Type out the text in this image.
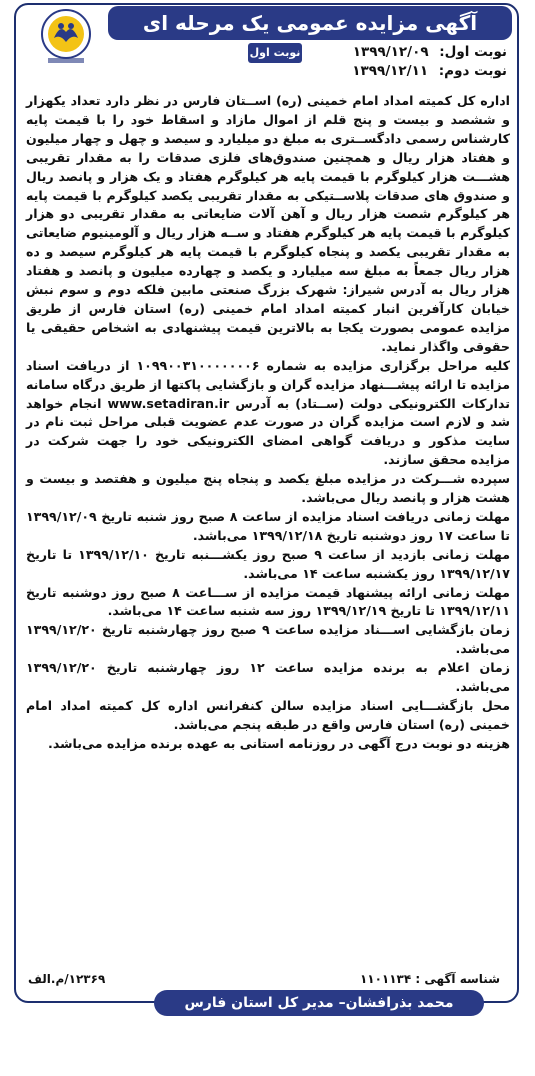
آگهی مزایده عمومی یک مرحله ای
نوبت اول	نوبت اول: ۱۳۹۹/۱۲/۰۹
نوبت دوم: ۱۳۹۹/۱۲/۱۱

اداره کل کمیته امداد امام خمینی (ره) اســتان فارس در نظر دارد تعداد یکهزار و ششصد و بیست و پنج قلم از اموال مازاد و اسقاط خود را با قیمت پایه کارشناس رسمی دادگســتری به مبلغ دو میلیارد و سیصد و چهل و چهار میلیون و هفتاد هزار ریال و همچنین صندوق‌های فلزی صدقات را به مقدار تقریبی هشـــت هزار کیلوگرم با قیمت پایه هر کیلوگرم هفتاد و یک هزار و پانصد ریال و صندوق های صدقات پلاســتیکی به مقدار تقریبی یکصد کیلوگرم با قیمت پایه هر کیلوگرم شصت هزار ریال و آهن آلات ضایعاتی به مقدار تقریبی دو هزار کیلوگرم با قیمت پایه هر کیلوگرم هفتاد و ســه هزار ریال و آلومینیوم ضایعاتی به مقدار تقریبی یکصد و پنجاه کیلوگرم با قیمت پایه هر کیلوگرم سیصد و ده هزار ریال جمعاً به مبلغ سه میلیارد و یکصد و چهارده میلیون و پانصد و هفتاد هزار ریال به آدرس شیراز: شهرک بزرگ صنعتی مابین فلکه دوم و سوم نبش خیابان کارآفرین انبار کمیته امداد امام خمینی (ره) استان فارس از طریق مزایده عمومی بصورت یکجا به بالاترین قیمت پیشنهادی به اشخاص حقیقی یا حقوقی واگذار نماید.

کلیه مراحل برگزاری مزایده به شماره ۱۰۹۹۰۰۳۱۰۰۰۰۰۰۰۶ از دریافت اسناد مزایده تا ارائه پیشـــنهاد مزایده گران و بازگشایی پاکتها از طریق درگاه سامانه تدارکات الکترونیکی دولت (ســتاد) به آدرس www.setadiran.ir انجام خواهد شد و لازم است مزایده گران در صورت عدم عضویت قبلی مراحل ثبت نام در سایت مذکور و دریافت گواهی امضای الکترونیکی خود را جهت شرکت در مزایده محقق سازند.

سپرده شـــرکت در مزایده مبلغ یکصد و پنجاه پنج میلیون و هفتصد و بیست و هشت هزار و پانصد ریال می‌باشد.

مهلت زمانی دریافت اسناد مزایده از ساعت ۸ صبح روز شنبه تاریخ ۱۳۹۹/۱۲/۰۹ تا ساعت ۱۷ روز دوشنبه تاریخ ۱۳۹۹/۱۲/۱۸ می‌باشد.

مهلت زمانی بازدید از ساعت ۹ صبح روز یکشـــنبه تاریخ ۱۳۹۹/۱۲/۱۰ تا تاریخ ۱۳۹۹/۱۲/۱۷ روز یکشنبه ساعت ۱۴ می‌باشد.

مهلت زمانی ارائه پیشنهاد قیمت مزایده از ســـاعت ۸ صبح روز دوشنبه تاریخ ۱۳۹۹/۱۲/۱۱ تا تاریخ ۱۳۹۹/۱۲/۱۹ روز سه شنبه ساعت ۱۴ می‌باشد.

زمان بازگشایی اســـناد مزایده ساعت ۹ صبح روز چهارشنبه تاریخ ۱۳۹۹/۱۲/۲۰ می‌باشد.

زمان اعلام به برنده مزایده ساعت ۱۲ روز چهارشنبه تاریخ ۱۳۹۹/۱۲/۲۰ می‌باشد.

محل بازگشـــایی اسناد مزایده سالن کنفرانس اداره کل کمیته امداد امام خمینی (ره) استان فارس واقع در طبقه پنجم می‌باشد.

هزینه دو نوبت درج آگهی در روزنامه استانی به عهده برنده مزایده می‌باشد.

شناسه آگهی : ۱۱۰۱۱۳۴
۱۲۳۶۹/م.الف
محمد بذرافشان– مدیر کل استان فارس
